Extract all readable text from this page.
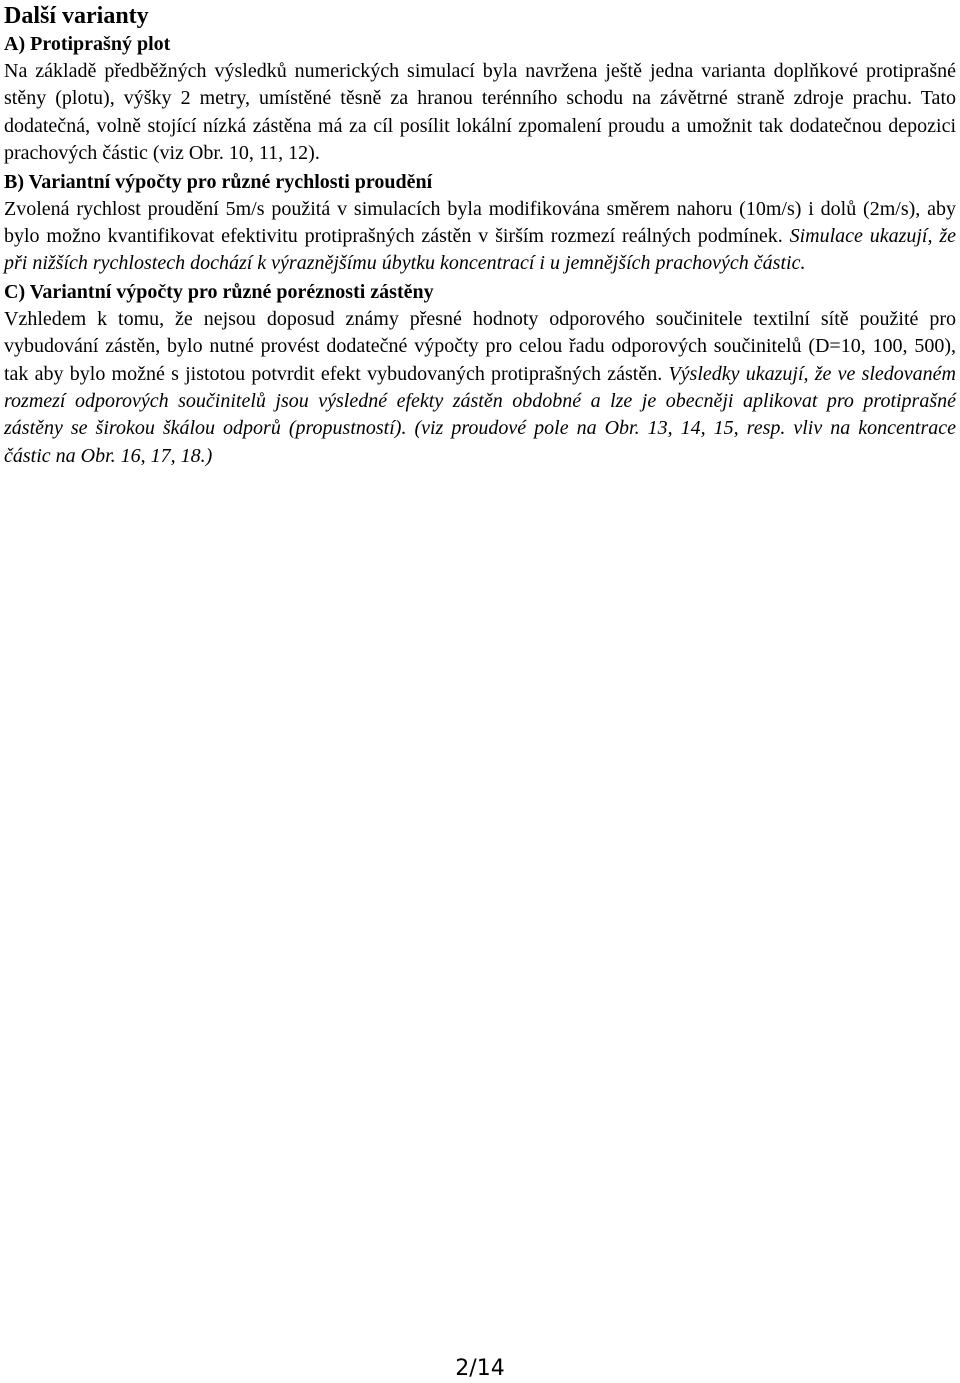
Další varianty
A) Protiprašný plot

Na základě předběžných výsledků numerických simulací byla navržena ještě jedna varianta doplňkové protiprašné stěny (plotu), výšky 2 metry, umístěné těsně za hranou terénního schodu na závětrné straně zdroje prachu. Tato dodatečná, volně stojící nízká zástěna má za cíl posílit lokální zpomalení proudu a umožnit tak dodatečnou depozici prachových částic (viz Obr. 10, 11, 12).

B) Variantní výpočty pro různé rychlosti proudění

Zvolená rychlost proudění 5m/s použitá v simulacích byla modifikována směrem nahoru (10m/s) i dolů (2m/s), aby bylo možno kvantifikovat efektivitu protiprašných zástěn v širším rozmezí reálných podmínek. Simulace ukazují, že při nižších rychlostech dochází k výraznějšímu úbytku koncentrací i u jemnějších prachových částic.

C) Variantní výpočty pro různé poréznosti zástěny

Vzhledem k tomu, že nejsou doposud známy přesné hodnoty odporového součinitele textilní sítě použité pro vybudování zástěn, bylo nutné provést dodatečné výpočty pro celou řadu odporových součinitelů (D=10, 100, 500), tak aby bylo možné s jistotou potvrdit efekt vybudovaných protiprašných zástěn. Výsledky ukazují, že ve sledovaném rozmezí odporových součinitelů jsou výsledné efekty zástěn obdobné a lze je obecněji aplikovat pro protiprašné zástěny se širokou škálou odporů (propustností). (viz proudové pole na Obr. 13, 14, 15, resp. vliv na koncentrace částic na Obr. 16, 17, 18.)

2/14
